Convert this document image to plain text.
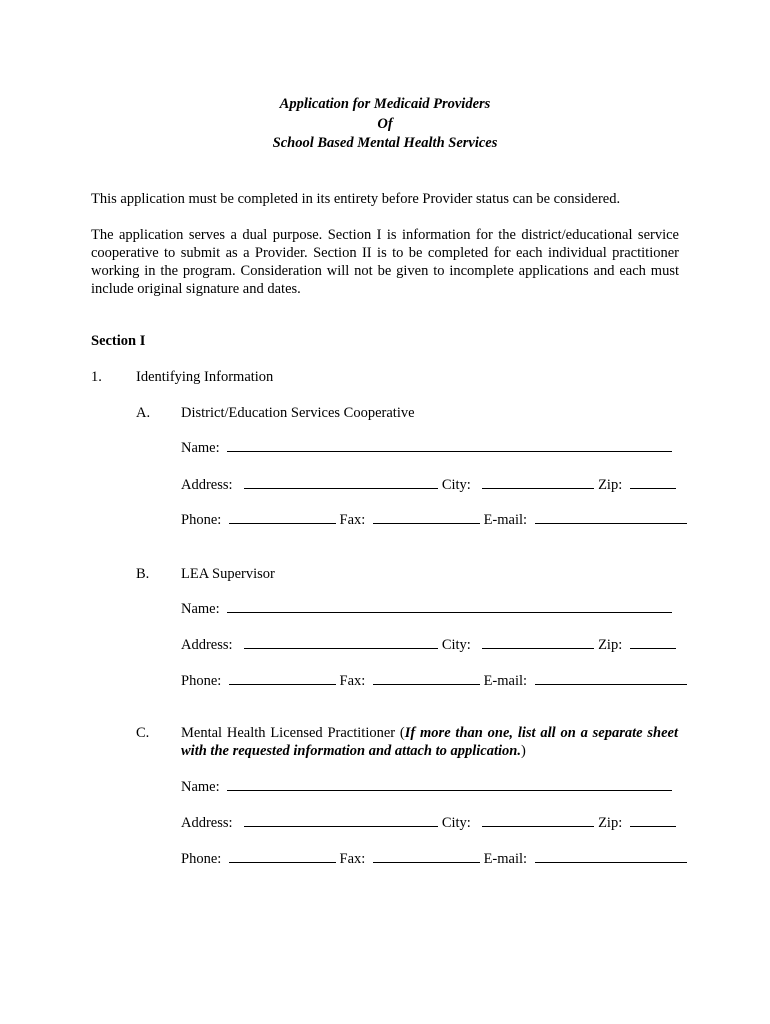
Application for Medicaid Providers
Of
School Based Mental Health Services
This application must be completed in its entirety before Provider status can be considered.
The application serves a dual purpose. Section I is information for the district/educational service cooperative to submit as a Provider. Section II is to be completed for each individual practitioner working in the program. Consideration will not be given to incomplete applications and each must include original signature and dates.
Section I
1. Identifying Information
A. District/Education Services Cooperative
Name:
Address:	City:	Zip:
Phone:	Fax:	E-mail:
B. LEA Supervisor
Name:
Address:	City:	Zip:
Phone:	Fax:	E-mail:
C. Mental Health Licensed Practitioner (If more than one, list all on a separate sheet with the requested information and attach to application.)
Name:
Address:	City:	Zip:
Phone:	Fax:	E-mail:
